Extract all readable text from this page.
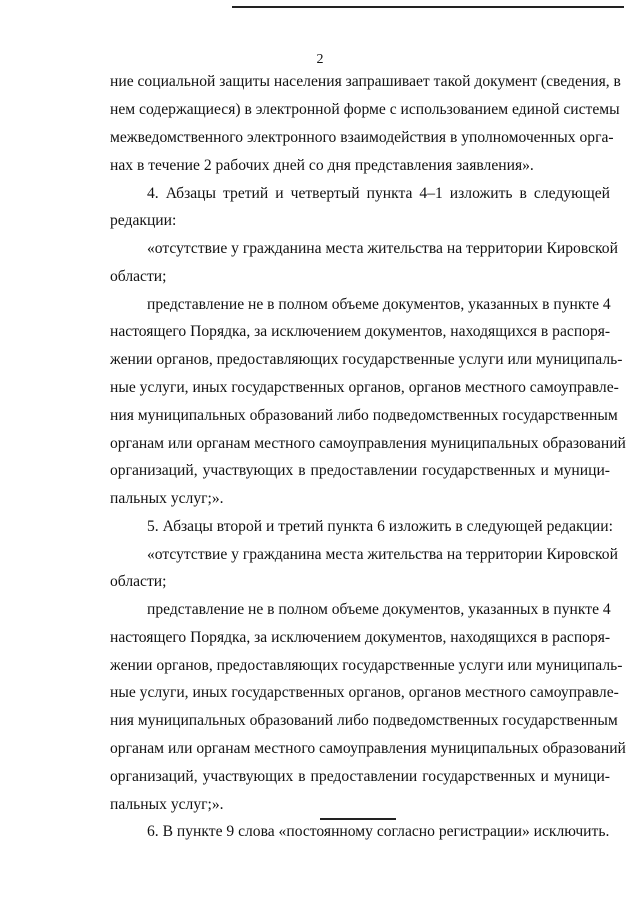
2
ние социальной защиты населения запрашивает такой документ (сведения, в
нем содержащиеся) в электронной форме с использованием единой системы
межведомственного электронного взаимодействия в уполномоченных орга-
нах в течение 2 рабочих дней со дня представления заявления».
4. Абзацы третий и четвертый пункта 4–1 изложить в следующей
редакции:
«отсутствие у гражданина места жительства на территории Кировской
области;
представление не в полном объеме документов, указанных в пункте 4
настоящего Порядка, за исключением документов, находящихся в распоря-
жении органов, предоставляющих государственные услуги или муниципаль-
ные услуги, иных государственных органов, органов местного самоуправле-
ния муниципальных образований либо подведомственных государственным
органам или органам местного самоуправления муниципальных образований
организаций, участвующих в предоставлении государственных и муници-
пальных услуг;».
5. Абзацы второй и третий пункта 6 изложить в следующей редакции:
«отсутствие у гражданина места жительства на территории Кировской
области;
представление не в полном объеме документов, указанных в пункте 4
настоящего Порядка, за исключением документов, находящихся в распоря-
жении органов, предоставляющих государственные услуги или муниципаль-
ные услуги, иных государственных органов, органов местного самоуправле-
ния муниципальных образований либо подведомственных государственным
органам или органам местного самоуправления муниципальных образований
организаций, участвующих в предоставлении государственных и муници-
пальных услуг;».
6. В пункте 9 слова «постоянному согласно регистрации» исключить.
